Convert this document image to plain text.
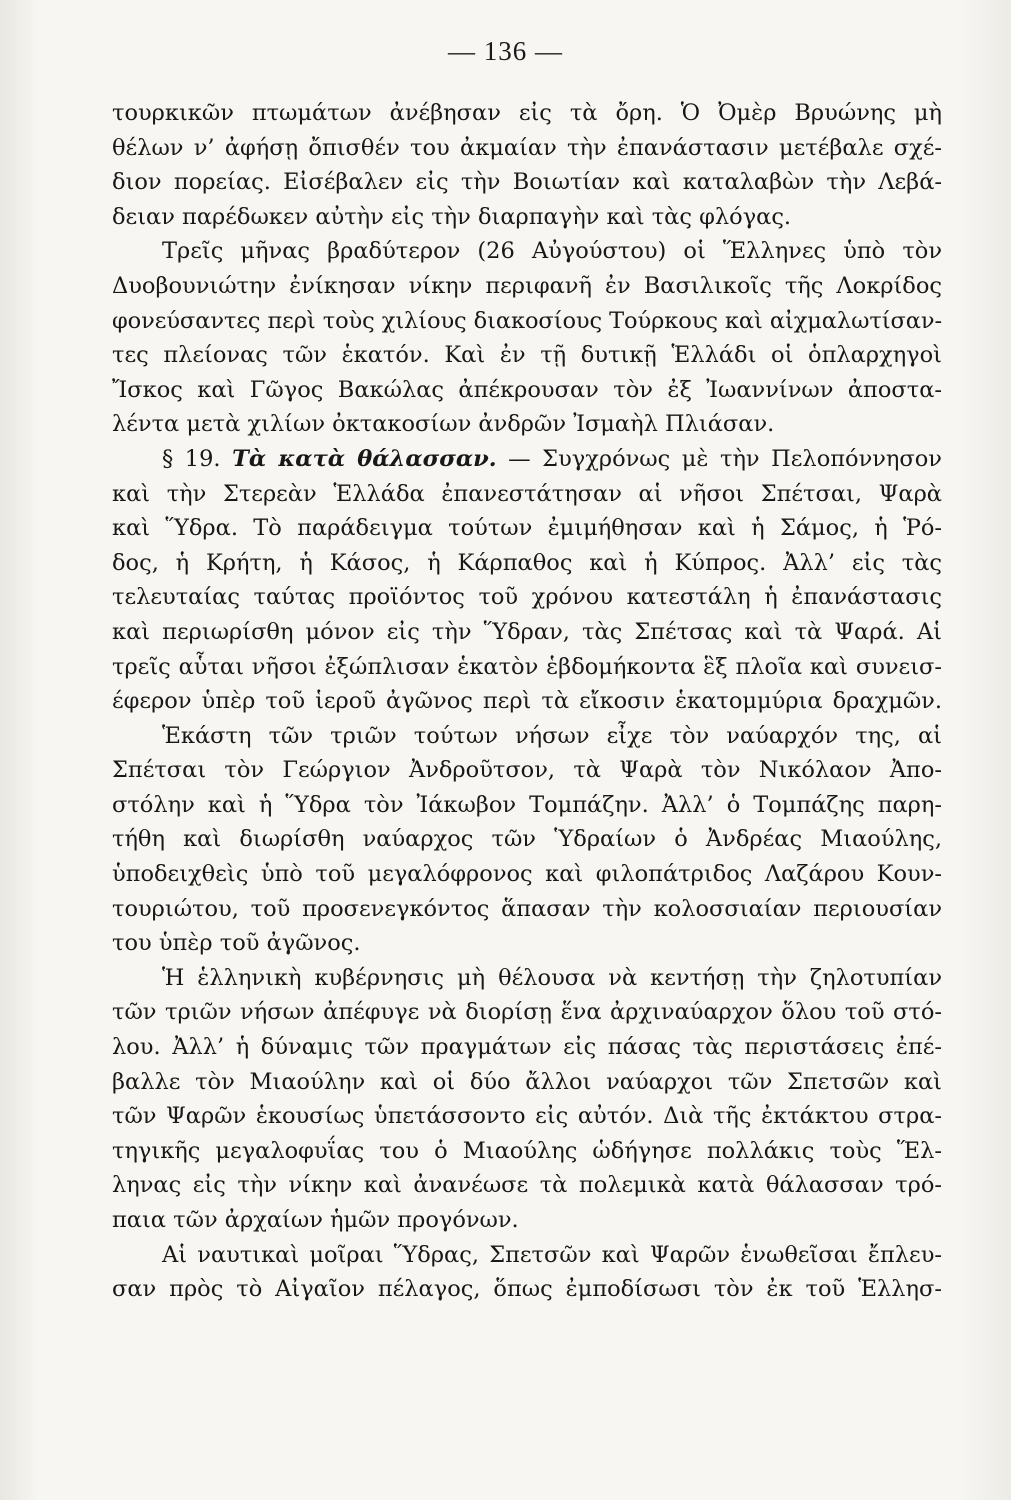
— 136 —
τουρκικῶν πτωμάτων ἀνέβησαν εἰς τὰ ὄρη. Ὁ Ὀμὲρ Βρυώνης μὴ
θέλων ν’ ἀφήσῃ ὄπισθέν του ἀκμαίαν τὴν ἐπανάστασιν μετέβαλε σχέ-
διον πορείας. Εἰσέβαλεν εἰς τὴν Βοιωτίαν καὶ καταλαβὼν τὴν Λεβά-
δειαν παρέδωκεν αὐτὴν εἰς τὴν διαρπαγὴν καὶ τὰς φλόγας.
Τρεῖς μῆνας βραδύτερον (26 Αὐγούστου) οἱ Ἕλληνες ὑπὸ τὸν
Δυοβουνιώτην ἐνίκησαν νίκην περιφανῆ ἐν Βασιλικοῖς τῆς Λοκρίδος
φονεύσαντες περὶ τοὺς χιλίους διακοσίους Τούρκους καὶ αἰχμαλωτίσαν-
τες πλείονας τῶν ἑκατόν. Καὶ ἐν τῇ δυτικῇ Ἑλλάδι οἱ ὁπλαρχηγοὶ
Ἴσκος καὶ Γῶγος Βακώλας ἀπέκρουσαν τὸν ἐξ Ἰωαννίνων ἀποστα-
λέντα μετὰ χιλίων ὀκτακοσίων ἀνδρῶν Ἰσμαὴλ Πλιάσαν.
§ 19. Τὰ κατὰ θάλασσαν. — Συγχρόνως μὲ τὴν Πελοπόννησον
καὶ τὴν Στερεὰν Ἑλλάδα ἐπανεστάτησαν αἱ νῆσοι Σπέτσαι, Ψαρὰ
καὶ Ὕδρα. Τὸ παράδειγμα τούτων ἐμιμήθησαν καὶ ἡ Σάμος, ἡ Ῥό-
δος, ἡ Κρήτη, ἡ Κάσος, ἡ Κάρπαθος καὶ ἡ Κύπρος. Ἀλλ’ εἰς τὰς
τελευταίας ταύτας προϊόντος τοῦ χρόνου κατεστάλη ἡ ἐπανάστασις
καὶ περιωρίσθη μόνον εἰς τὴν Ὕδραν, τὰς Σπέτσας καὶ τὰ Ψαρά. Αἱ
τρεῖς αὗται νῆσοι ἐξώπλισαν ἑκατὸν ἑβδομήκοντα ἓξ πλοῖα καὶ συνεισ-
έφερον ὑπὲρ τοῦ ἱεροῦ ἀγῶνος περὶ τὰ εἴκοσιν ἑκατομμύρια δραχμῶν.
Ἑκάστη τῶν τριῶν τούτων νήσων εἶχε τὸν ναύαρχόν της, αἱ
Σπέτσαι τὸν Γεώργιον Ἀνδροῦτσον, τὰ Ψαρὰ τὸν Νικόλαον Ἀπο-
στόλην καὶ ἡ Ὕδρα τὸν Ἰάκωβον Τομπάζην. Ἀλλ’ ὁ Τομπάζης παρη-
τήθη καὶ διωρίσθη ναύαρχος τῶν Ὑδραίων ὁ Ἀνδρέας Μιαούλης,
ὑποδειχθεὶς ὑπὸ τοῦ μεγαλόφρονος καὶ φιλοπάτριδος Λαζάρου Κουν-
τουριώτου, τοῦ προσενεγκόντος ἅπασαν τὴν κολοσσιαίαν περιουσίαν
του ὑπὲρ τοῦ ἀγῶνος.
Ἡ ἑλληνικὴ κυβέρνησις μὴ θέλουσα νὰ κεντήσῃ τὴν ζηλοτυπίαν
τῶν τριῶν νήσων ἀπέφυγε νὰ διορίσῃ ἕνα ἀρχιναύαρχον ὅλου τοῦ στό-
λου. Ἀλλ’ ἡ δύναμις τῶν πραγμάτων εἰς πάσας τὰς περιστάσεις ἐπέ-
βαλλε τὸν Μιαούλην καὶ οἱ δύο ἄλλοι ναύαρχοι τῶν Σπετσῶν καὶ
τῶν Ψαρῶν ἑκουσίως ὑπετάσσοντο εἰς αὐτόν. Διὰ τῆς ἐκτάκτου στρα-
τηγικῆς μεγαλοφυΐας του ὁ Μιαούλης ὡδήγησε πολλάκις τοὺς Ἕλ-
ληνας εἰς τὴν νίκην καὶ ἀνανέωσε τὰ πολεμικὰ κατὰ θάλασσαν τρό-
παια τῶν ἀρχαίων ἡμῶν προγόνων.
Αἱ ναυτικαὶ μοῖραι Ὕδρας, Σπετσῶν καὶ Ψαρῶν ἑνωθεῖσαι ἔπλευ-
σαν πρὸς τὸ Αἰγαῖον πέλαγος, ὅπως ἐμποδίσωσι τὸν ἐκ τοῦ Ἑλλησ-
